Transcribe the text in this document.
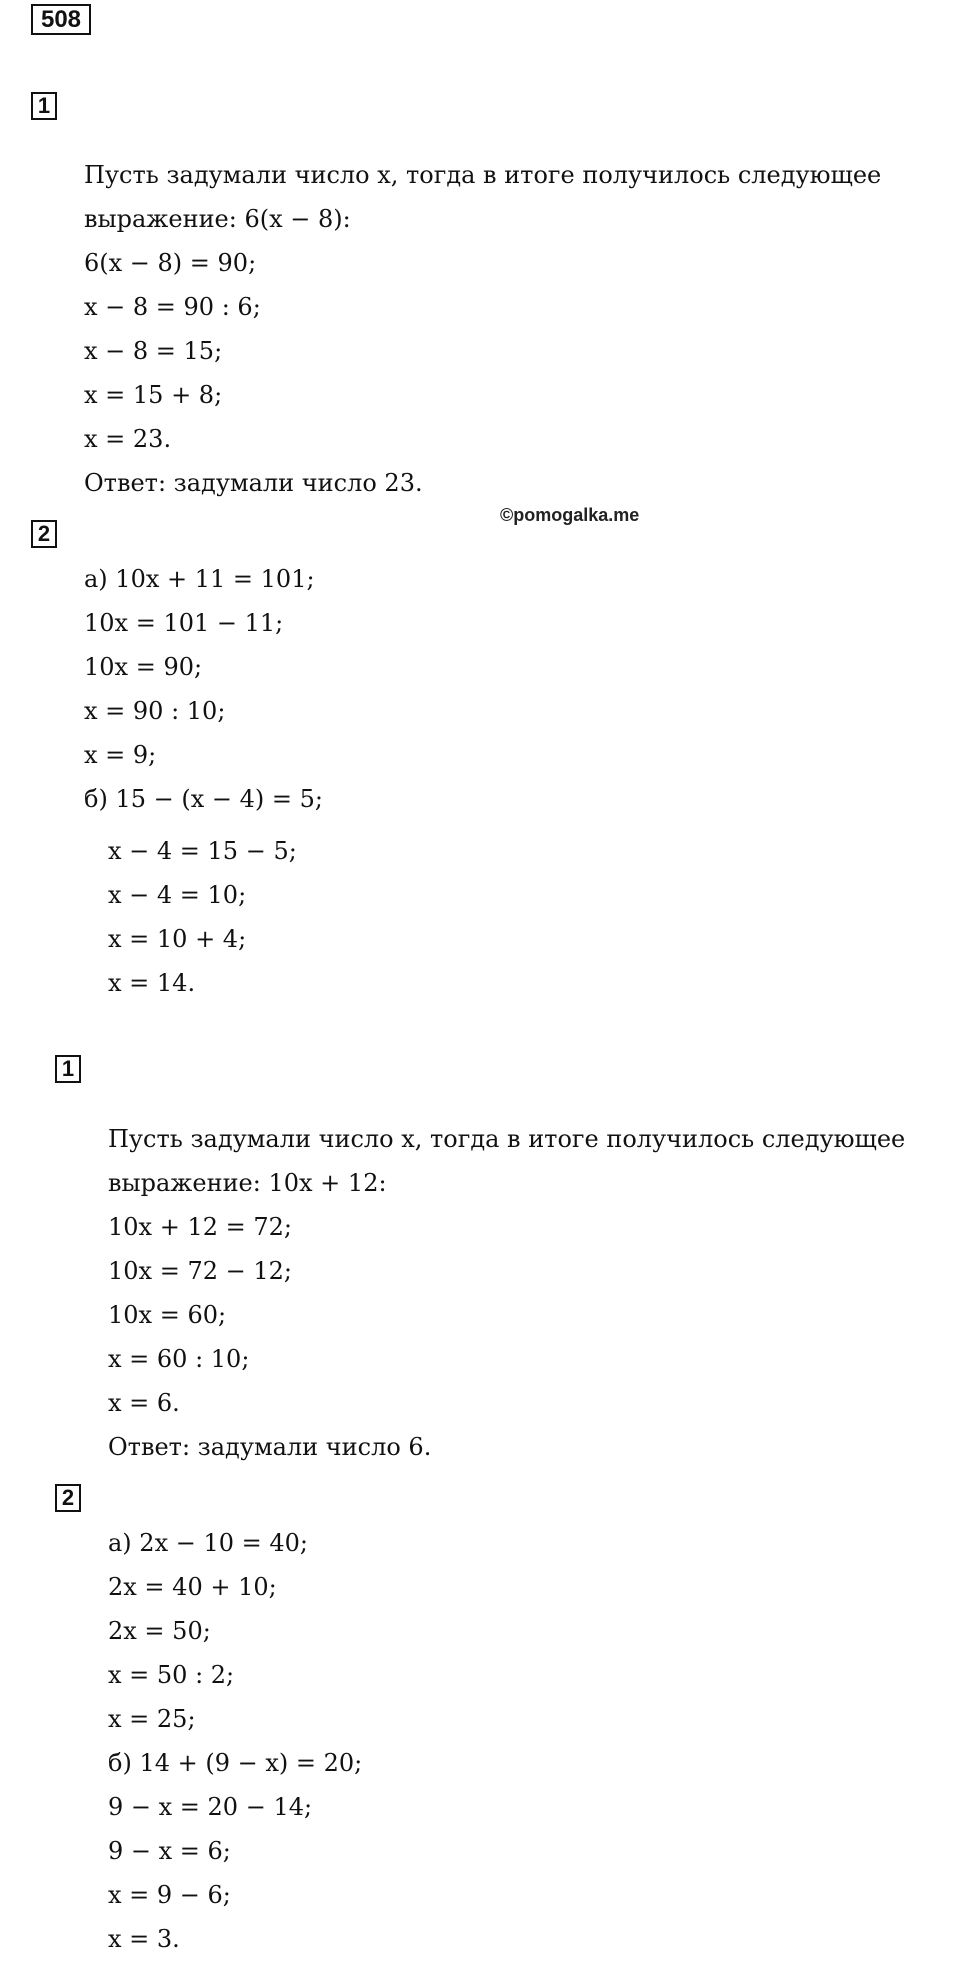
508
1
Пусть задумали число x, тогда в итоге получилось следующее
выражение: 6(x − 8):
6(x − 8) = 90;
x − 8 = 90 : 6;
x − 8 = 15;
x = 15 + 8;
x = 23.
Ответ: задумали число 23.
©pomogalka.me
2
а) 10x + 11 = 101;
10x = 101 − 11;
10x = 90;
x = 90 : 10;
x = 9;
б) 15 − (x − 4) = 5;
x − 4 = 15 − 5;
x − 4 = 10;
x = 10 + 4;
x = 14.
1
Пусть задумали число x, тогда в итоге получилось следующее
выражение: 10x + 12:
10x + 12 = 72;
10x = 72 − 12;
10x = 60;
x = 60 : 10;
x = 6.
Ответ: задумали число 6.
2
а) 2x − 10 = 40;
2x = 40 + 10;
2x = 50;
x = 50 : 2;
x = 25;
б) 14 + (9 − x) = 20;
9 − x = 20 − 14;
9 − x = 6;
x = 9 − 6;
x = 3.
